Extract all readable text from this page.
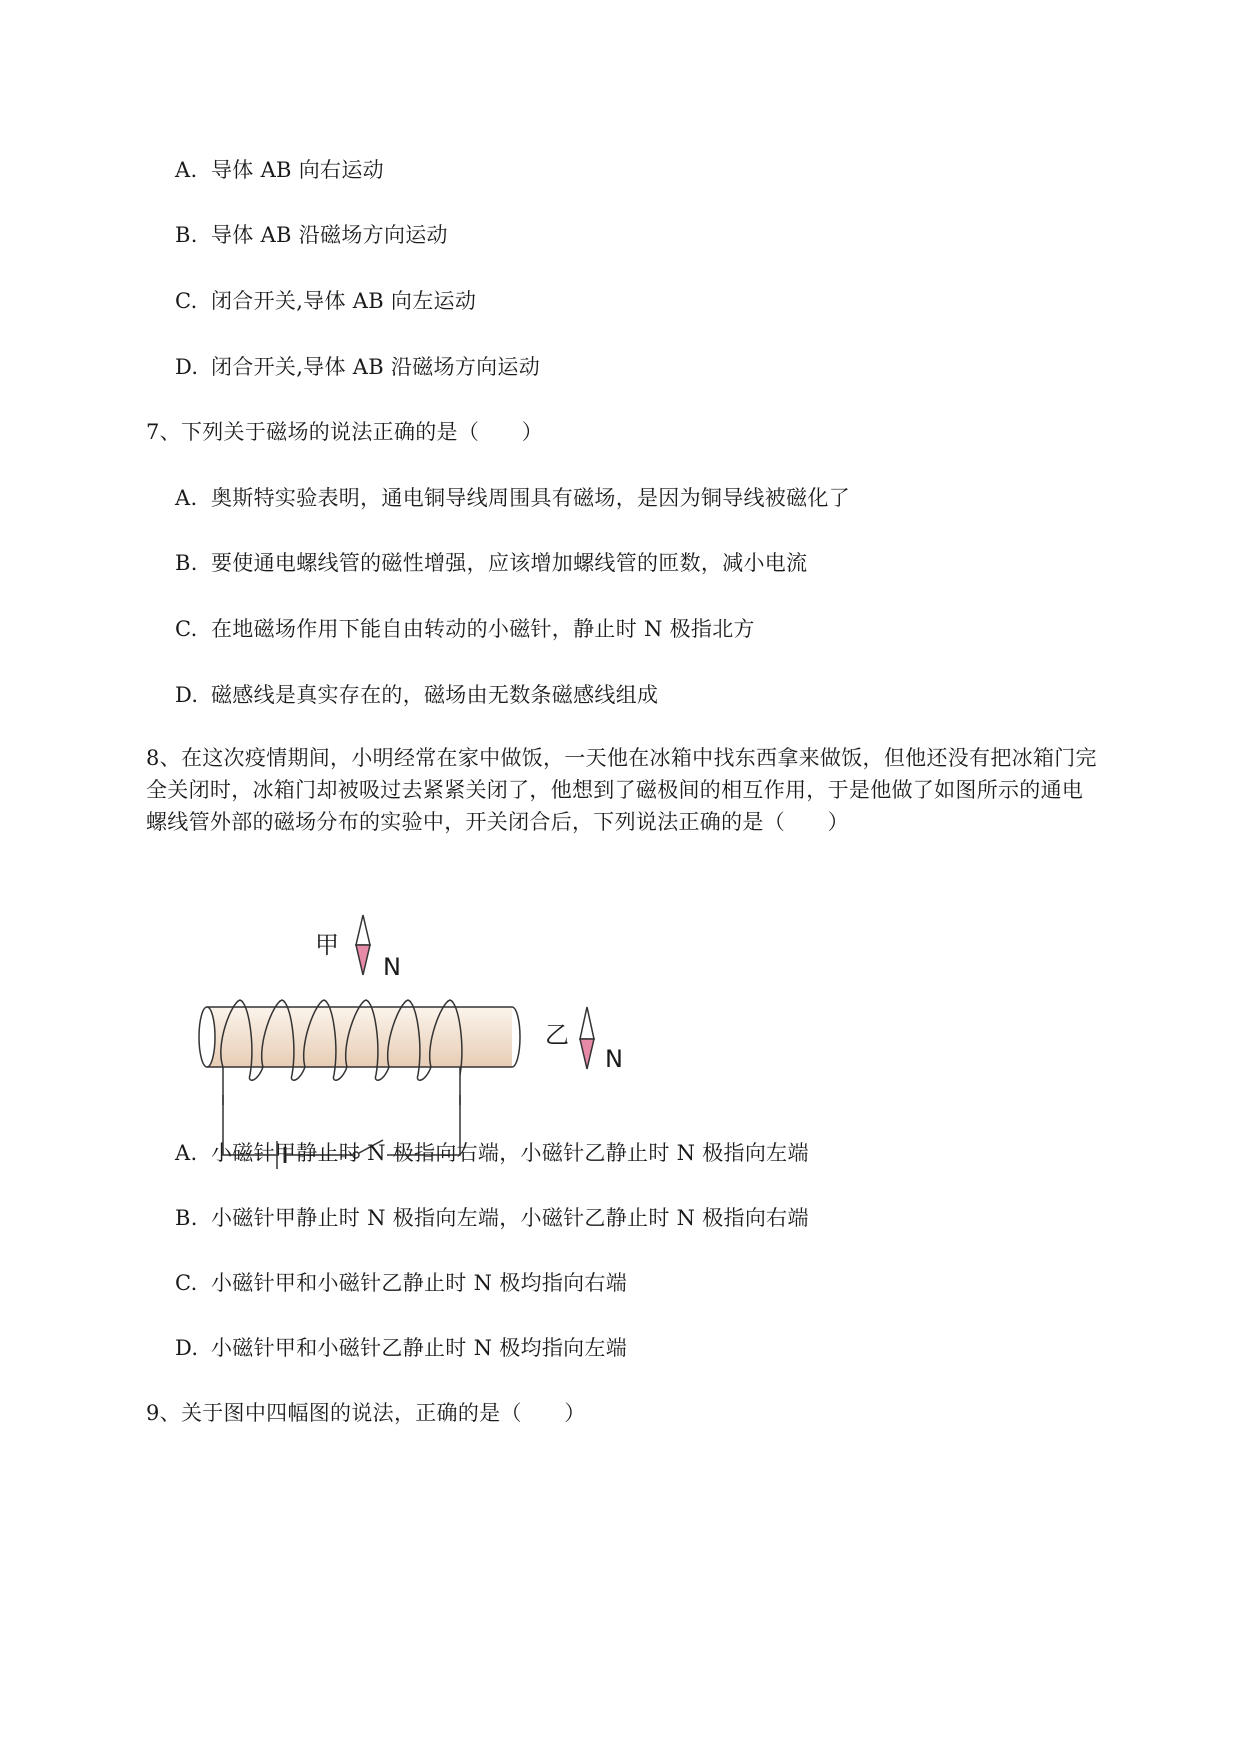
A. 导体 AB 向右运动
B. 导体 AB 沿磁场方向运动
C. 闭合开关,导体 AB 向左运动
D. 闭合开关,导体 AB 沿磁场方向运动
7、下列关于磁场的说法正确的是（　　）
A. 奥斯特实验表明，通电铜导线周围具有磁场，是因为铜导线被磁化了
B. 要使通电螺线管的磁性增强，应该增加螺线管的匝数，减小电流
C. 在地磁场作用下能自由转动的小磁针，静止时 N 极指北方
D. 磁感线是真实存在的，磁场由无数条磁感线组成
8、在这次疫情期间，小明经常在家中做饭，一天他在冰箱中找东西拿来做饭，但他还没有把冰箱门完
全关闭时，冰箱门却被吸过去紧紧关闭了，他想到了磁极间的相互作用，于是他做了如图所示的通电
螺线管外部的磁场分布的实验中，开关闭合后，下列说法正确的是（　　）
甲
N
乙
N
A. 小磁针甲静止时 N 极指向右端，小磁针乙静止时 N 极指向左端
B. 小磁针甲静止时 N 极指向左端，小磁针乙静止时 N 极指向右端
C. 小磁针甲和小磁针乙静止时 N 极均指向右端
D. 小磁针甲和小磁针乙静止时 N 极均指向左端
9、关于图中四幅图的说法，正确的是（　　）
